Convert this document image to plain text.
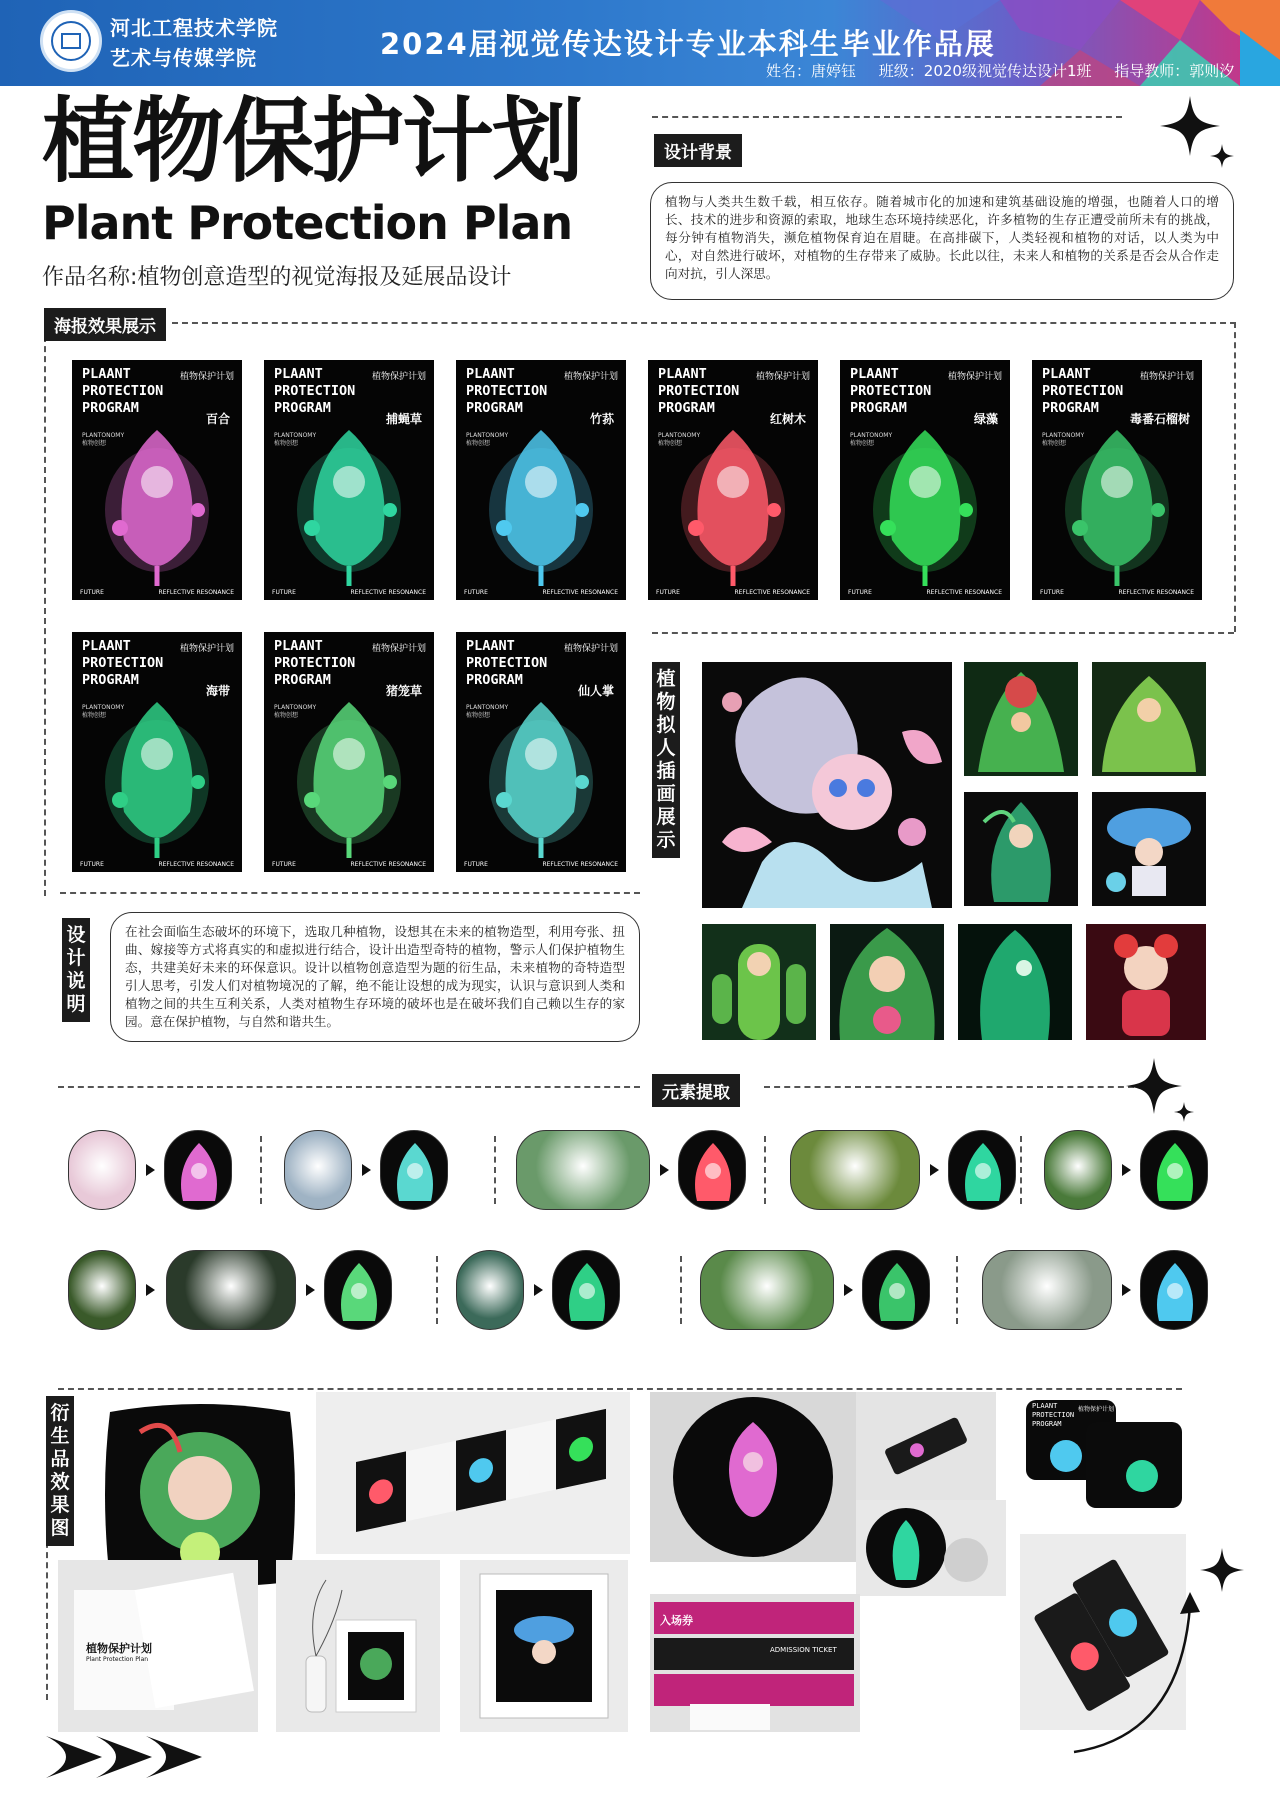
河北工程技术学院
艺术与传媒学院	2024届视觉传达设计专业本科生毕业作品展
姓名：唐婷钰 班级：2020级视觉传达设计1班 指导教师：郭则汐
植物保护计划
Plant Protection Plan
作品名称:植物创意造型的视觉海报及延展品设计
设计背景
植物与人类共生数千载，相互依存。随着城市化的加速和建筑基础设施的增强，也随着人口的增长、技术的进步和资源的索取，地球生态环境持续恶化，许多植物的生存正遭受前所未有的挑战，每分钟有植物消失，濒危植物保育迫在眉睫。在高排碳下，人类轻视和植物的对话，以人类为中心，对自然进行破坏，对植物的生存带来了威胁。长此以往，未来人和植物的关系是否会从合作走向对抗，引人深思。
海报效果展示
PLAANT
PROTECTION
PROGRAM
植物保护计划
百合
PLANTONOMY
植物创想
FUTURE	REFLECTIVE RESONANCE
PLAANT
PROTECTION
PROGRAM
植物保护计划
捕蝇草
PLANTONOMY
植物创想
FUTURE	REFLECTIVE RESONANCE
PLAANT
PROTECTION
PROGRAM
植物保护计划
竹荪
PLANTONOMY
植物创想
FUTURE	REFLECTIVE RESONANCE
PLAANT
PROTECTION
PROGRAM
植物保护计划
红树木
PLANTONOMY
植物创想
FUTURE	REFLECTIVE RESONANCE
PLAANT
PROTECTION
PROGRAM
植物保护计划
绿藻
PLANTONOMY
植物创想
FUTURE	REFLECTIVE RESONANCE
PLAANT
PROTECTION
PROGRAM
植物保护计划
毒番石榴树
PLANTONOMY
植物创想
FUTURE	REFLECTIVE RESONANCE
PLAANT
PROTECTION
PROGRAM
植物保护计划
海带
PLANTONOMY
植物创想
FUTURE	REFLECTIVE RESONANCE
PLAANT
PROTECTION
PROGRAM
植物保护计划
猪笼草
PLANTONOMY
植物创想
FUTURE	REFLECTIVE RESONANCE
PLAANT
PROTECTION
PROGRAM
植物保护计划
仙人掌
PLANTONOMY
植物创想
FUTURE	REFLECTIVE RESONANCE
植
物
拟
人
插
画
展
示
设
计
说
明
在社会面临生态破坏的环境下，选取几种植物，设想其在未来的植物造型，利用夸张、扭曲、嫁接等方式将真实的和虚拟进行结合，设计出造型奇特的植物，警示人们保护植物生态，共建美好未来的环保意识。设计以植物创意造型为题的衍生品，未来植物的奇特造型引人思考，引发人们对植物境况的了解，绝不能让设想的成为现实，认识与意识到人类和植物之间的共生互利关系，人类对植物生存环境的破坏也是在破坏我们自己赖以生存的家园。意在保护植物，与自然和谐共生。
元素提取
衍
生
品
效
果
图
PLAANT
PROTECTION
PROGRAM
植物保护计划
植物保护计划
Plant Protection Plan
入场券
ADMISSION TICKET
